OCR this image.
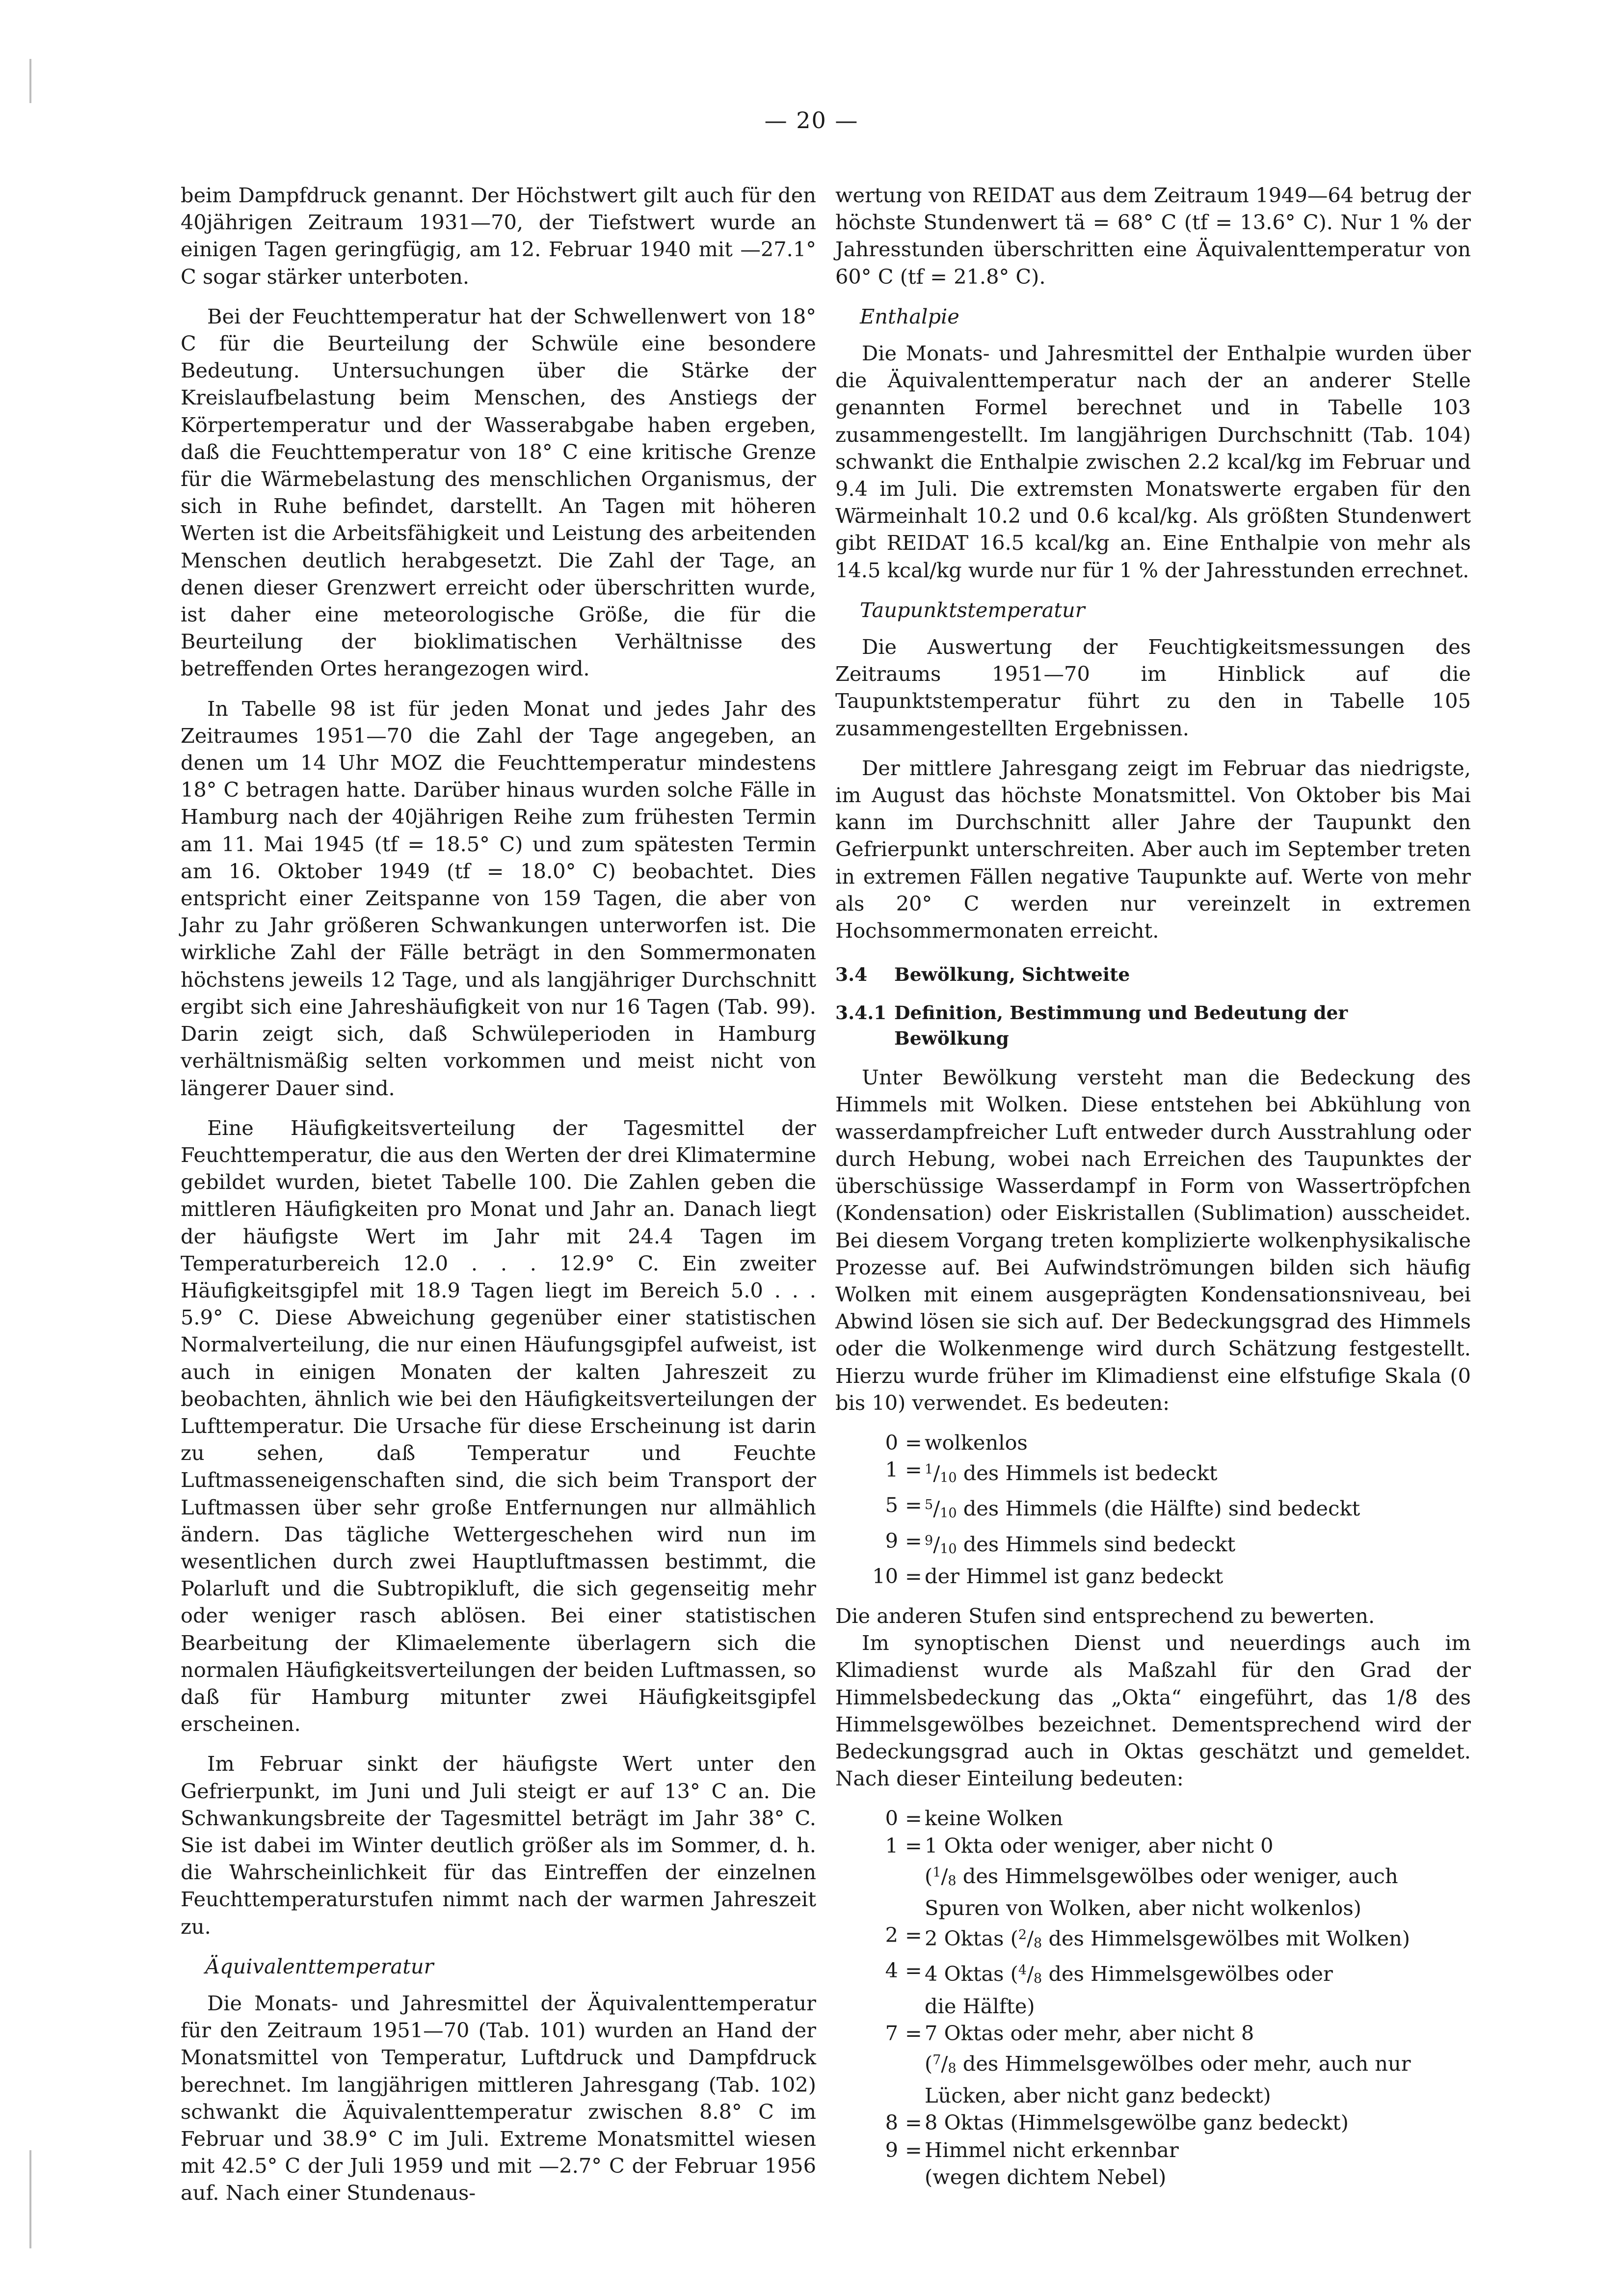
— 20 —

beim Dampfdruck genannt. Der Höchstwert gilt auch für den 40jährigen Zeitraum 1931—70, der Tiefstwert wurde an einigen Tagen geringfügig, am 12. Februar 1940 mit —27.1° C sogar stärker unterboten.

Bei der Feuchttemperatur hat der Schwellenwert von 18° C für die Beurteilung der Schwüle eine besondere Bedeutung. Untersuchungen über die Stärke der Kreislaufbelastung beim Menschen, des Anstiegs der Körpertemperatur und der Wasserabgabe haben ergeben, daß die Feuchttemperatur von 18° C eine kritische Grenze für die Wärmebelastung des menschlichen Organismus, der sich in Ruhe befindet, darstellt. An Tagen mit höheren Werten ist die Arbeitsfähigkeit und Leistung des arbeitenden Menschen deutlich herabgesetzt. Die Zahl der Tage, an denen dieser Grenzwert erreicht oder überschritten wurde, ist daher eine meteorologische Größe, die für die Beurteilung der bioklimatischen Verhältnisse des betreffenden Ortes herangezogen wird.

In Tabelle 98 ist für jeden Monat und jedes Jahr des Zeitraumes 1951—70 die Zahl der Tage angegeben, an denen um 14 Uhr MOZ die Feuchttemperatur mindestens 18° C betragen hatte. Darüber hinaus wurden solche Fälle in Hamburg nach der 40jährigen Reihe zum frühesten Termin am 11. Mai 1945 (tf = 18.5° C) und zum spätesten Termin am 16. Oktober 1949 (tf = 18.0° C) beobachtet. Dies entspricht einer Zeitspanne von 159 Tagen, die aber von Jahr zu Jahr größeren Schwankungen unterworfen ist. Die wirkliche Zahl der Fälle beträgt in den Sommermonaten höchstens jeweils 12 Tage, und als langjähriger Durchschnitt ergibt sich eine Jahreshäufigkeit von nur 16 Tagen (Tab. 99). Darin zeigt sich, daß Schwüleperioden in Hamburg verhältnismäßig selten vorkommen und meist nicht von längerer Dauer sind.

Eine Häufigkeitsverteilung der Tagesmittel der Feuchttemperatur, die aus den Werten der drei Klimatermine gebildet wurden, bietet Tabelle 100. Die Zahlen geben die mittleren Häufigkeiten pro Monat und Jahr an. Danach liegt der häufigste Wert im Jahr mit 24.4 Tagen im Temperaturbereich 12.0 . . . 12.9° C. Ein zweiter Häufigkeitsgipfel mit 18.9 Tagen liegt im Bereich 5.0 . . . 5.9° C. Diese Abweichung gegenüber einer statistischen Normalverteilung, die nur einen Häufungsgipfel aufweist, ist auch in einigen Monaten der kalten Jahreszeit zu beobachten, ähnlich wie bei den Häufigkeitsverteilungen der Lufttemperatur. Die Ursache für diese Erscheinung ist darin zu sehen, daß Temperatur und Feuchte Luftmasseneigenschaften sind, die sich beim Transport der Luftmassen über sehr große Entfernungen nur allmählich ändern. Das tägliche Wettergeschehen wird nun im wesentlichen durch zwei Hauptluftmassen bestimmt, die Polarluft und die Subtropikluft, die sich gegenseitig mehr oder weniger rasch ablösen. Bei einer statistischen Bearbeitung der Klimaelemente überlagern sich die normalen Häufigkeitsverteilungen der beiden Luftmassen, so daß für Hamburg mitunter zwei Häufigkeitsgipfel erscheinen.

Im Februar sinkt der häufigste Wert unter den Gefrierpunkt, im Juni und Juli steigt er auf 13° C an. Die Schwankungsbreite der Tagesmittel beträgt im Jahr 38° C. Sie ist dabei im Winter deutlich größer als im Sommer, d. h. die Wahrscheinlichkeit für das Eintreffen der einzelnen Feuchttemperaturstufen nimmt nach der warmen Jahreszeit zu.

Äquivalenttemperatur

Die Monats- und Jahresmittel der Äquivalenttemperatur für den Zeitraum 1951—70 (Tab. 101) wurden an Hand der Monatsmittel von Temperatur, Luftdruck und Dampfdruck berechnet. Im langjährigen mittleren Jahresgang (Tab. 102) schwankt die Äquivalenttemperatur zwischen 8.8° C im Februar und 38.9° C im Juli. Extreme Monatsmittel wiesen mit 42.5° C der Juli 1959 und mit —2.7° C der Februar 1956 auf. Nach einer Stundenaus-

wertung von REIDAT aus dem Zeitraum 1949—64 betrug der höchste Stundenwert tä = 68° C (tf = 13.6° C). Nur 1 % der Jahresstunden überschritten eine Äquivalenttemperatur von 60° C (tf = 21.8° C).

Enthalpie

Die Monats- und Jahresmittel der Enthalpie wurden über die Äquivalenttemperatur nach der an anderer Stelle genannten Formel berechnet und in Tabelle 103 zusammengestellt. Im langjährigen Durchschnitt (Tab. 104) schwankt die Enthalpie zwischen 2.2 kcal/kg im Februar und 9.4 im Juli. Die extremsten Monatswerte ergaben für den Wärmeinhalt 10.2 und 0.6 kcal/kg. Als größten Stundenwert gibt REIDAT 16.5 kcal/kg an. Eine Enthalpie von mehr als 14.5 kcal/kg wurde nur für 1 % der Jahresstunden errechnet.

Taupunktstemperatur

Die Auswertung der Feuchtigkeitsmessungen des Zeitraums 1951—70 im Hinblick auf die Taupunktstemperatur führt zu den in Tabelle 105 zusammengestellten Ergebnissen.

Der mittlere Jahresgang zeigt im Februar das niedrigste, im August das höchste Monatsmittel. Von Oktober bis Mai kann im Durchschnitt aller Jahre der Taupunkt den Gefrierpunkt unterschreiten. Aber auch im September treten in extremen Fällen negative Taupunkte auf. Werte von mehr als 20° C werden nur vereinzelt in extremen Hochsommermonaten erreicht.

3.4 Bewölkung, Sichtweite
3.4.1 Definition, Bestimmung und Bedeutung der
Bewölkung

Unter Bewölkung versteht man die Bedeckung des Himmels mit Wolken. Diese entstehen bei Abkühlung von wasserdampfreicher Luft entweder durch Ausstrahlung oder durch Hebung, wobei nach Erreichen des Taupunktes der überschüssige Wasserdampf in Form von Wassertröpfchen (Kondensation) oder Eiskristallen (Sublimation) ausscheidet. Bei diesem Vorgang treten komplizierte wolkenphysikalische Prozesse auf. Bei Aufwindströmungen bilden sich häufig Wolken mit einem ausgeprägten Kondensationsniveau, bei Abwind lösen sie sich auf. Der Bedeckungsgrad des Himmels oder die Wolkenmenge wird durch Schätzung festgestellt. Hierzu wurde früher im Klimadienst eine elfstufige Skala (0 bis 10) verwendet. Es bedeuten:

0 = wolkenlos
1 = $^1$/10 des Himmels ist bedeckt
5 = $^5$/10 des Himmels (die Hälfte) sind bedeckt
9 = $^9$/10 des Himmels sind bedeckt
10 = der Himmel ist ganz bedeckt

Die anderen Stufen sind entsprechend zu bewerten.

Im synoptischen Dienst und neuerdings auch im Klimadienst wurde als Maßzahl für den Grad der Himmelsbedeckung das „Okta“ eingeführt, das 1/8 des Himmelsgewölbes bezeichnet. Dementsprechend wird der Bedeckungsgrad auch in Oktas geschätzt und gemeldet. Nach dieser Einteilung bedeuten:

0 = keine Wolken
1 = 1 Okta oder weniger, aber nicht 0
($^1$/8 des Himmelsgewölbes oder weniger, auch
Spuren von Wolken, aber nicht wolkenlos)
2 = 2 Oktas ($^2$/8 des Himmelsgewölbes mit Wolken)
4 = 4 Oktas ($^4$/8 des Himmelsgewölbes oder
die Hälfte)
7 = 7 Oktas oder mehr, aber nicht 8
($^7$/8 des Himmelsgewölbes oder mehr, auch nur
Lücken, aber nicht ganz bedeckt)
8 = 8 Oktas (Himmelsgewölbe ganz bedeckt)
9 = Himmel nicht erkennbar
(wegen dichtem Nebel)
